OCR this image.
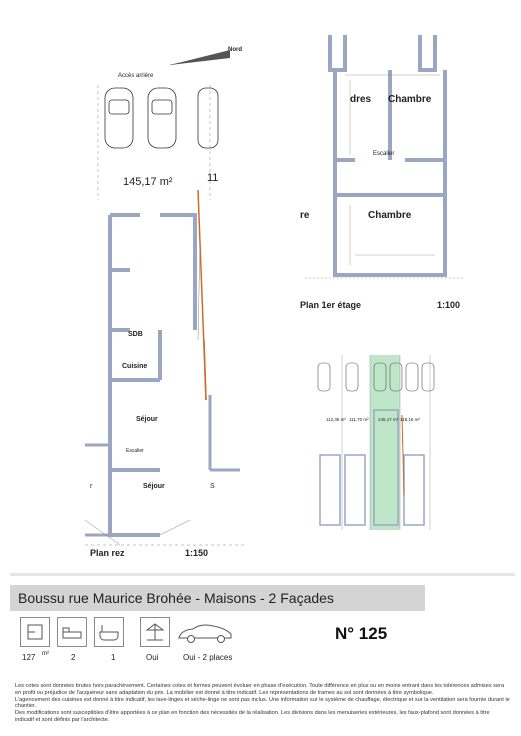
Accès arrière
Nord
145,17 m²	11
SDB
Cuisine
Séjour
Escalier
Séjour
r	S
Plan rez	1:150
dres Chambre
Escalier
re	Chambre
Plan 1er étage	1:100
112,36 m² 111,70 m² 145,17 m² 118,16 m²
Boussu rue Maurice Brohée - Maisons - 2 Façades
127 m²	2	1	Oui	Oui - 2 places
N° 125

Les cotes sont données brutes hors parachèvement. Certaines cotes et formes peuvent évoluer en phase d'exécution. Toute différence en plus ou en moins entrant dans les tolérences admises sera en profit ou préjudice de l'acquéreur sans adaptation du prix. La mobilier est donné à titre indicatif. Les représentations de trames au sol sont données à titre symbolique.

L'agencement des cuisines est donné à titre indicatif, les lave-linges et sèche-linge ne sont pas inclus. Une information sur le système de chauffage, électrique et sur la ventilation sera fournie durant le chantier.

Des modifications sont susceptibles d'être apportées à ce plan en fonction des nécessités de la réalisation. Les divisions dans les menuiseries extérieures, les faux-plafond sont données à titre indicatif et sont définis par l'architecte.
